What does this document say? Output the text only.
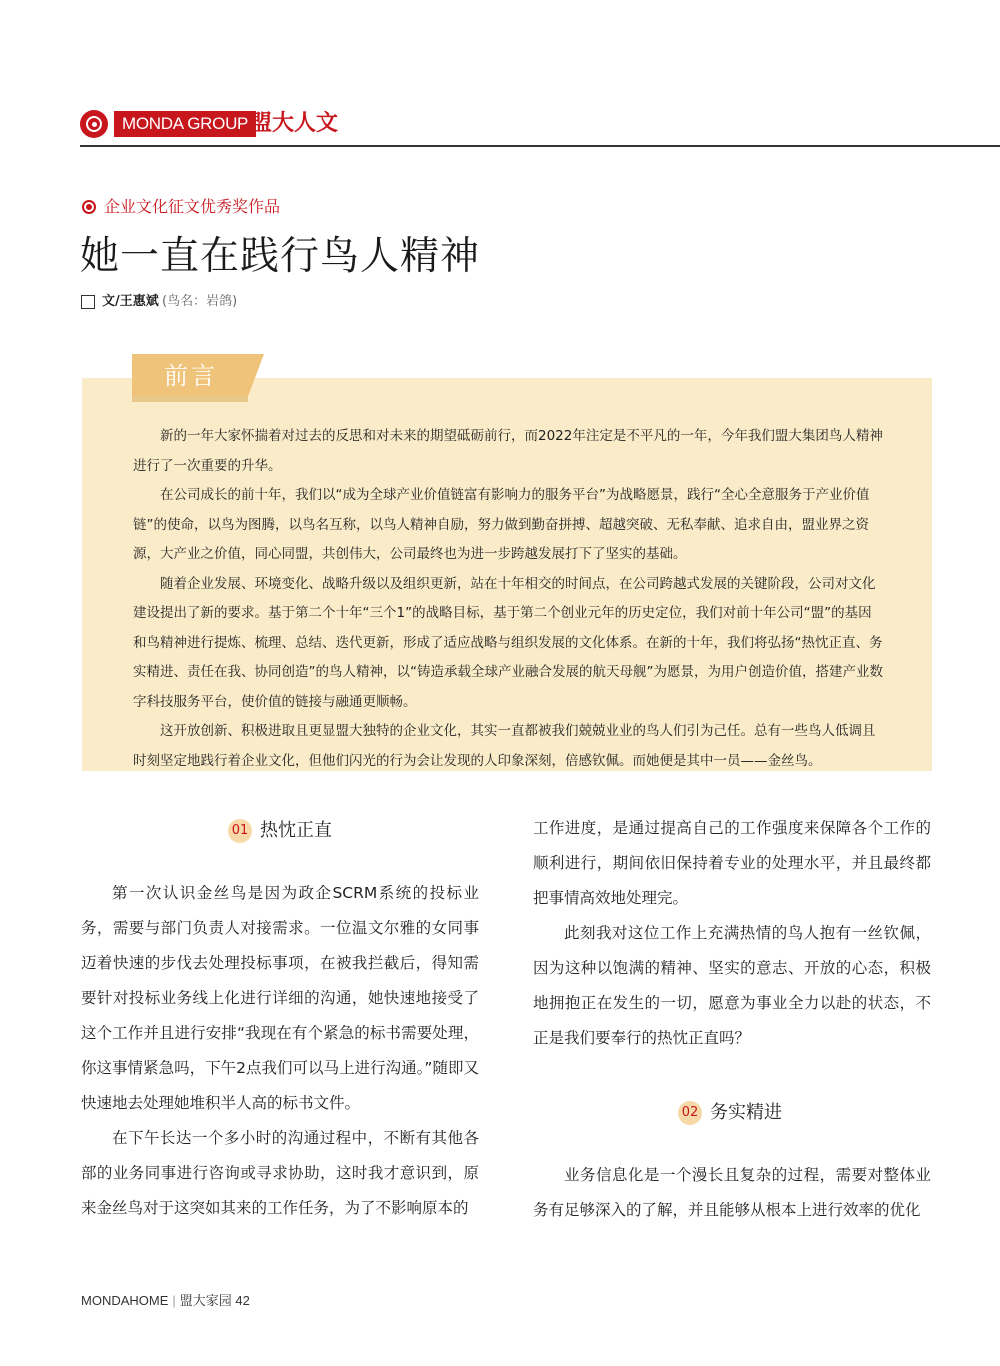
MONDA GROUP 盟大人文
企业文化征文优秀奖作品
她一直在践行鸟人精神
文/王惠斌 (鸟名：岩鸽)
前言

新的一年大家怀揣着对过去的反思和对未来的期望砥砺前行，而2022年注定是不平凡的一年，今年我们盟大集团鸟人精神进行了一次重要的升华。

在公司成长的前十年，我们以“成为全球产业价值链富有影响力的服务平台”为战略愿景，践行“全心全意服务于产业价值链”的使命，以鸟为图腾，以鸟名互称，以鸟人精神自励，努力做到勤奋拼搏、超越突破、无私奉献、追求自由，盟业界之资源，大产业之价值，同心同盟，共创伟大，公司最终也为进一步跨越发展打下了坚实的基础。

随着企业发展、环境变化、战略升级以及组织更新，站在十年相交的时间点，在公司跨越式发展的关键阶段，公司对文化建设提出了新的要求。基于第二个十年“三个1”的战略目标，基于第二个创业元年的历史定位，我们对前十年公司“盟”的基因和鸟精神进行提炼、梳理、总结、迭代更新，形成了适应战略与组织发展的文化体系。在新的十年，我们将弘扬“热忱正直、务实精进、责任在我、协同创造”的鸟人精神，以“铸造承载全球产业融合发展的航天母舰”为愿景，为用户创造价值，搭建产业数字科技服务平台，使价值的链接与融通更顺畅。

这开放创新、积极进取且更显盟大独特的企业文化，其实一直都被我们兢兢业业的鸟人们引为己任。总有一些鸟人低调且时刻坚定地践行着企业文化，但他们闪光的行为会让发现的人印象深刻，倍感钦佩。而她便是其中一员——金丝鸟。

01 热忱正直

第一次认识金丝鸟是因为政企SCRM系统的投标业务，需要与部门负责人对接需求。一位温文尔雅的女同事迈着快速的步伐去处理投标事项，在被我拦截后，得知需要针对投标业务线上化进行详细的沟通，她快速地接受了这个工作并且进行安排“我现在有个紧急的标书需要处理，你这事情紧急吗，下午2点我们可以马上进行沟通。”随即又快速地去处理她堆积半人高的标书文件。

在下午长达一个多小时的沟通过程中，不断有其他各部的业务同事进行咨询或寻求协助，这时我才意识到，原来金丝鸟对于这突如其来的工作任务，为了不影响原本的

工作进度，是通过提高自己的工作强度来保障各个工作的顺利进行，期间依旧保持着专业的处理水平，并且最终都把事情高效地处理完。

此刻我对这位工作上充满热情的鸟人抱有一丝钦佩，因为这种以饱满的精神、坚实的意志、开放的心态，积极地拥抱正在发生的一切，愿意为事业全力以赴的状态，不正是我们要奉行的热忱正直吗？

02 务实精进

业务信息化是一个漫长且复杂的过程，需要对整体业务有足够深入的了解，并且能够从根本上进行效率的优化

MONDAHOME | 盟大家园 42
